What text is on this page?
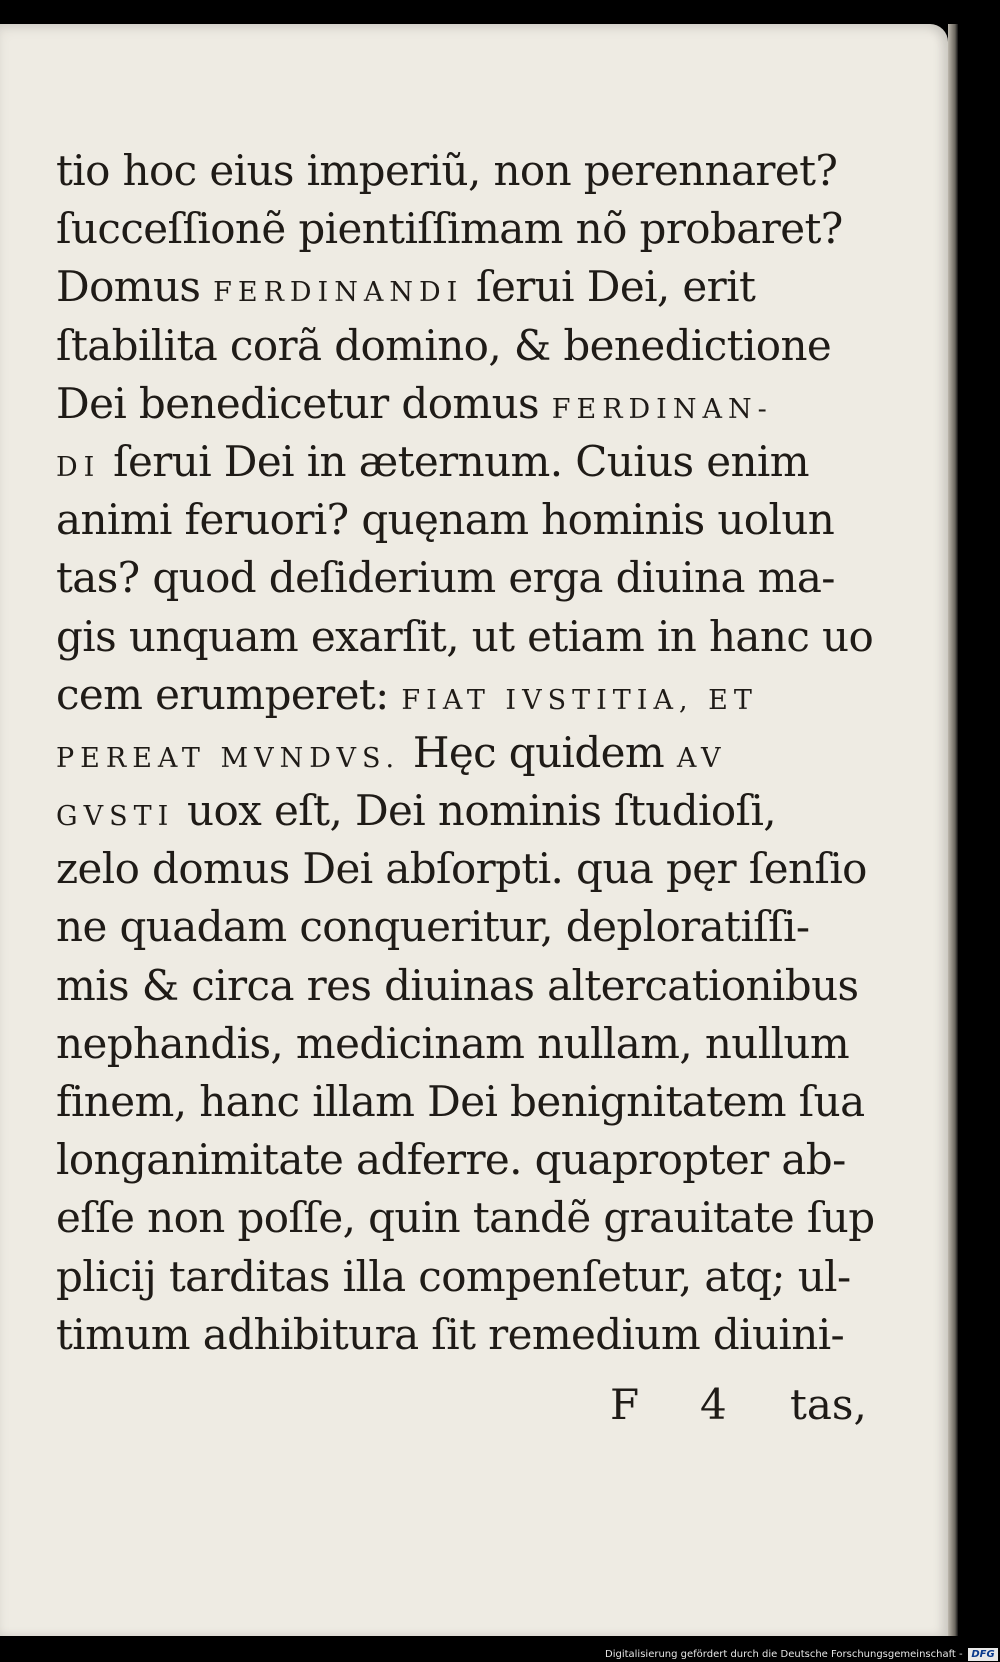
tio hoc eius imperiũ, non perennaret?
ſucceſſionẽ pientiſſimam nõ probaret?
Domus FERDINANDI ſerui Dei, erit
ſtabilita corã domino, & benedictione
Dei benedicetur domus FERDINAN-
DI ſerui Dei in æternum. Cuius enim
animi feruori? quęnam hominis uolun
tas? quod deſiderium erga diuina ma-
gis unquam exarſit, ut etiam in hanc uo
cem erumperet: FIAT IVSTITIA, ET
PEREAT MVNDVS. Hęc quidem AV
GVSTI uox eſt, Dei nominis ſtudioſi,
zelo domus Dei abſorpti. qua pęr ſenſio
ne quadam conqueritur, deploratiſſi-
mis & circa res diuinas altercationibus
nephandis, medicinam nullam, nullum
finem, hanc illam Dei benignitatem ſua
longanimitate adferre. quapropter ab-
eſſe non poſſe, quin tandẽ grauitate ſup
plicij tarditas illa compenſetur, atq; ul-
timum adhibitura ſit remedium diuini-
F 4 tas,
Digitalisierung gefördert durch die Deutsche Forschungsgemeinschaft - DFG
